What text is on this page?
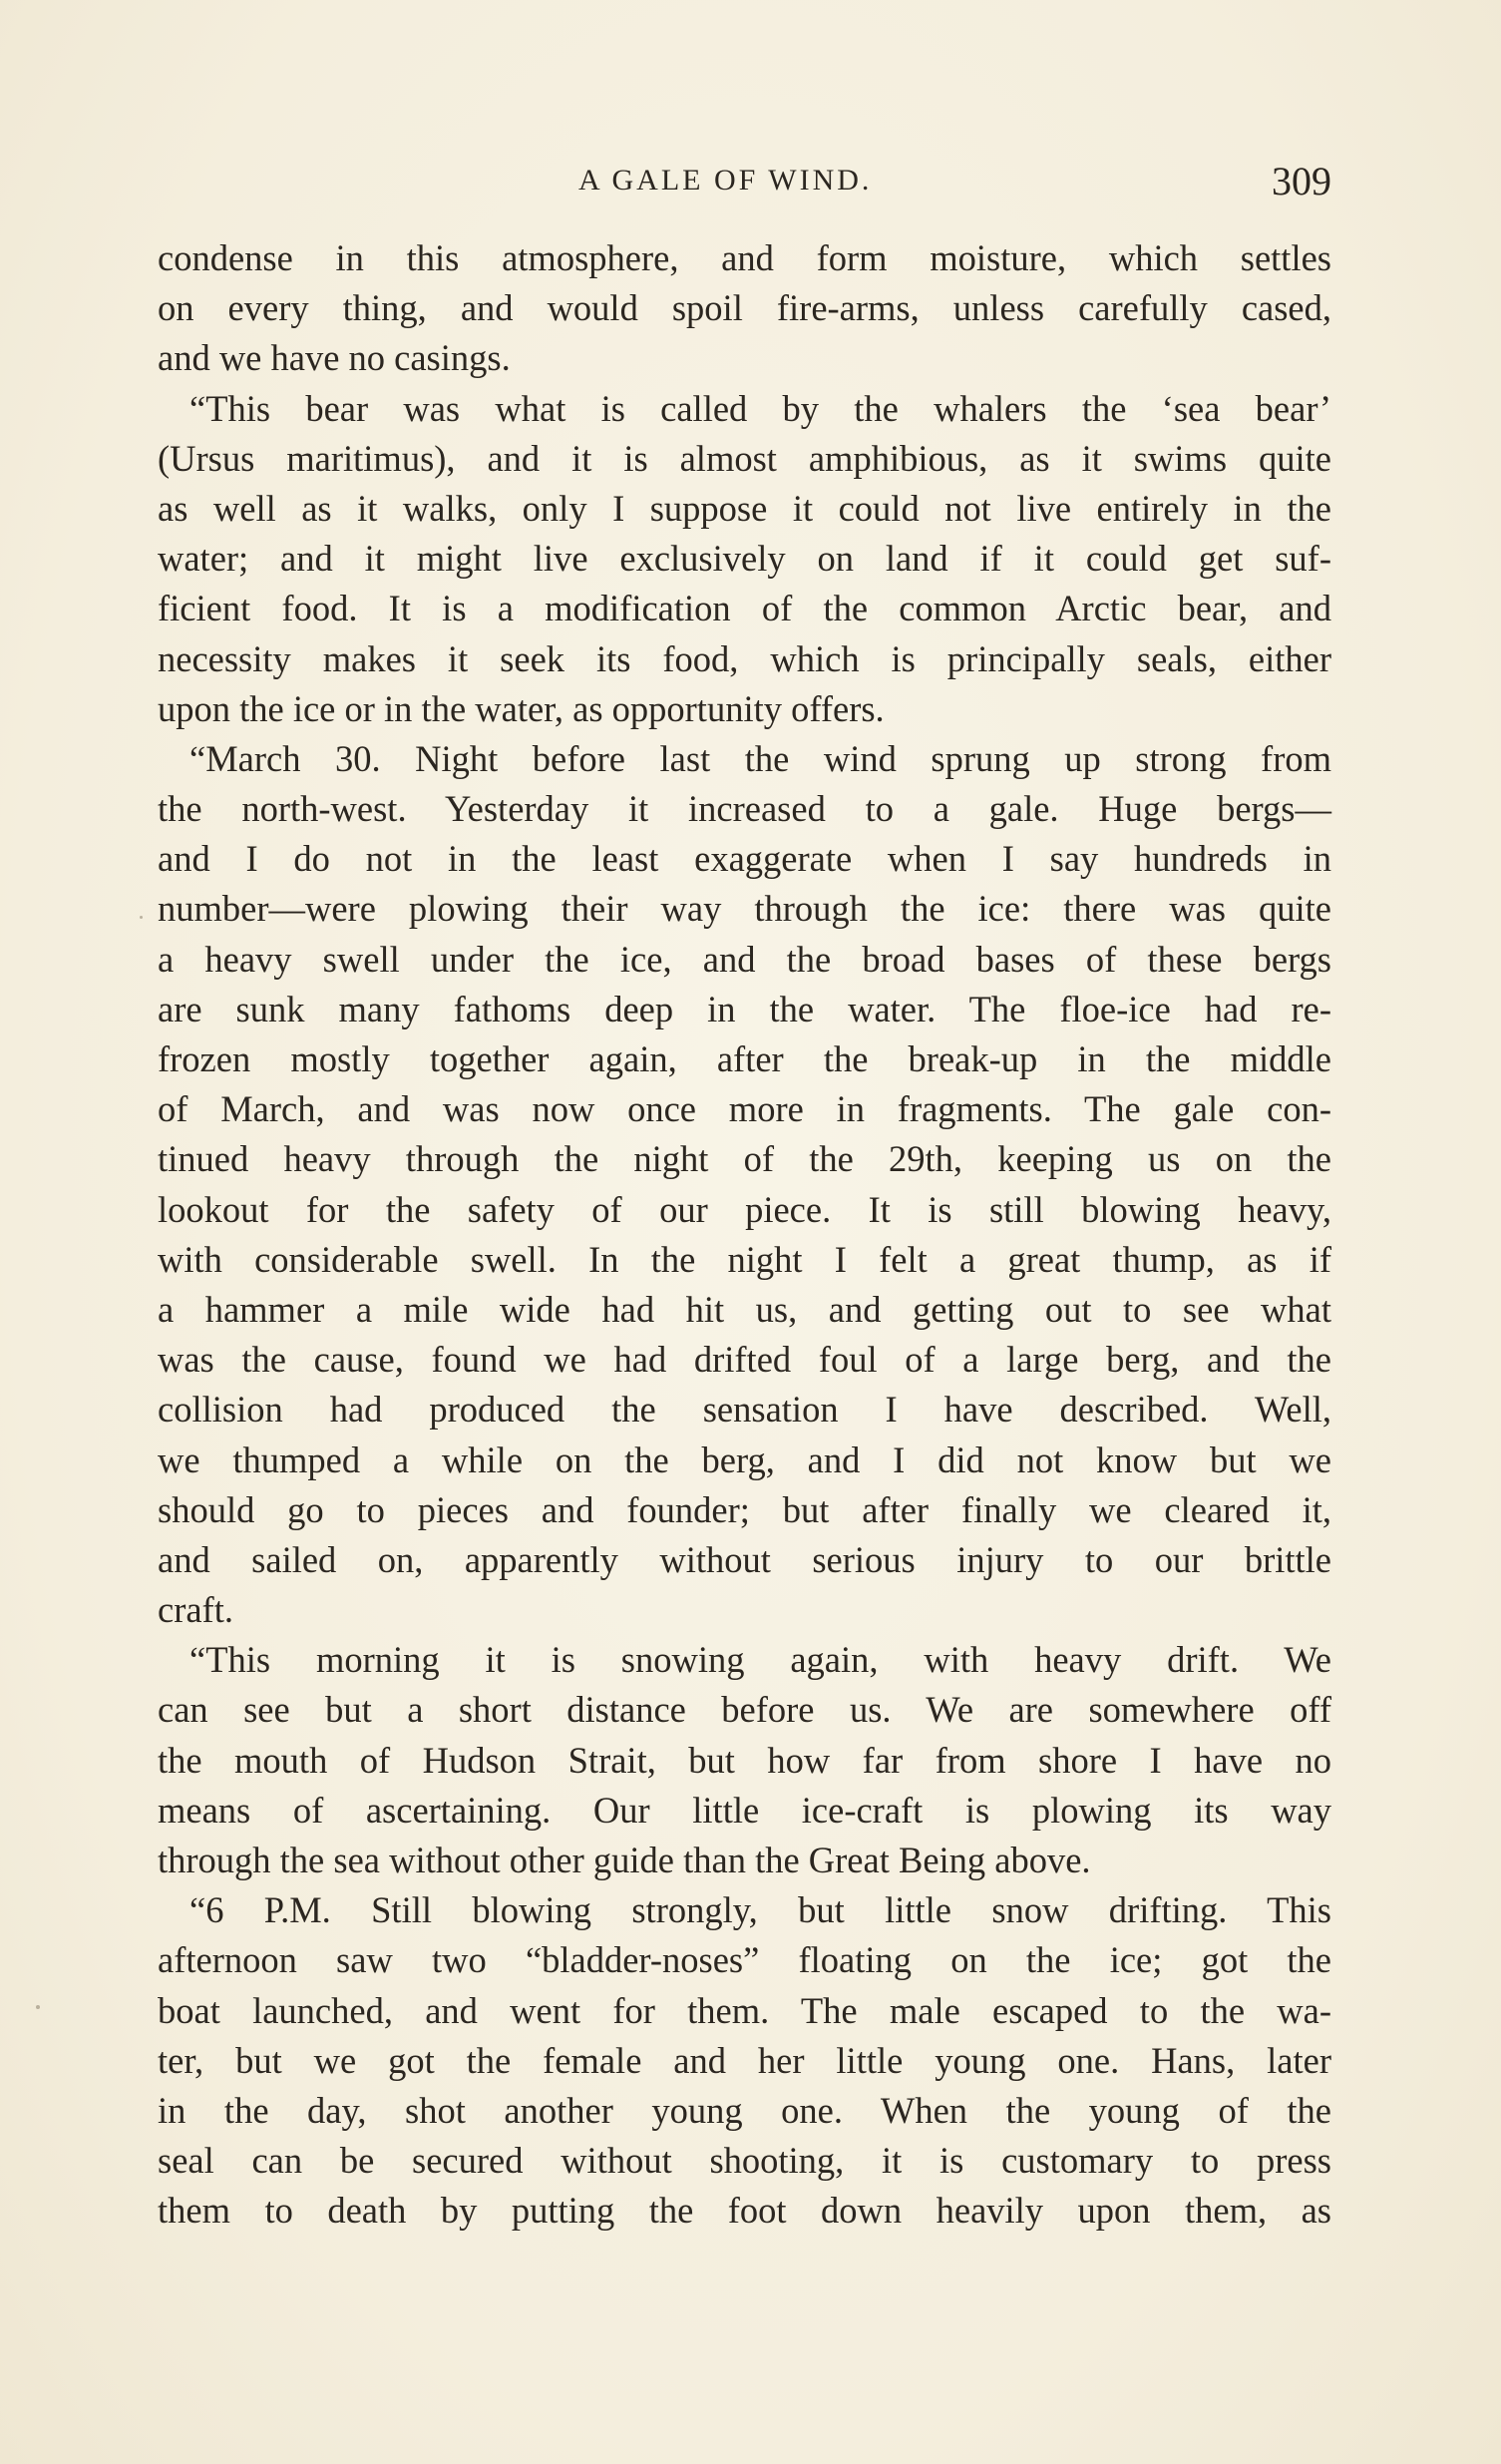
A GALE OF WIND.	309
condense in this atmosphere, and form moisture, which settles
on every thing, and would spoil fire-arms, unless carefully cased,
and we have no casings.
“This bear was what is called by the whalers the ‘sea bear’
(Ursus maritimus), and it is almost amphibious, as it swims quite
as well as it walks, only I suppose it could not live entirely in the
water; and it might live exclusively on land if it could get suf-
ficient food. It is a modification of the common Arctic bear, and
necessity makes it seek its food, which is principally seals, either
upon the ice or in the water, as opportunity offers.
“March 30. Night before last the wind sprung up strong from
the north-west. Yesterday it increased to a gale. Huge bergs—
and I do not in the least exaggerate when I say hundreds in
number—were plowing their way through the ice: there was quite
a heavy swell under the ice, and the broad bases of these bergs
are sunk many fathoms deep in the water. The floe-ice had re-
frozen mostly together again, after the break-up in the middle
of March, and was now once more in fragments. The gale con-
tinued heavy through the night of the 29th, keeping us on the
lookout for the safety of our piece. It is still blowing heavy,
with considerable swell. In the night I felt a great thump, as if
a hammer a mile wide had hit us, and getting out to see what
was the cause, found we had drifted foul of a large berg, and the
collision had produced the sensation I have described. Well,
we thumped a while on the berg, and I did not know but we
should go to pieces and founder; but after finally we cleared it,
and sailed on, apparently without serious injury to our brittle
craft.
“This morning it is snowing again, with heavy drift. We
can see but a short distance before us. We are somewhere off
the mouth of Hudson Strait, but how far from shore I have no
means of ascertaining. Our little ice-craft is plowing its way
through the sea without other guide than the Great Being above.
“6 P.M. Still blowing strongly, but little snow drifting. This
afternoon saw two “bladder-noses” floating on the ice; got the
boat launched, and went for them. The male escaped to the wa-
ter, but we got the female and her little young one. Hans, later
in the day, shot another young one. When the young of the
seal can be secured without shooting, it is customary to press
them to death by putting the foot down heavily upon them, as
